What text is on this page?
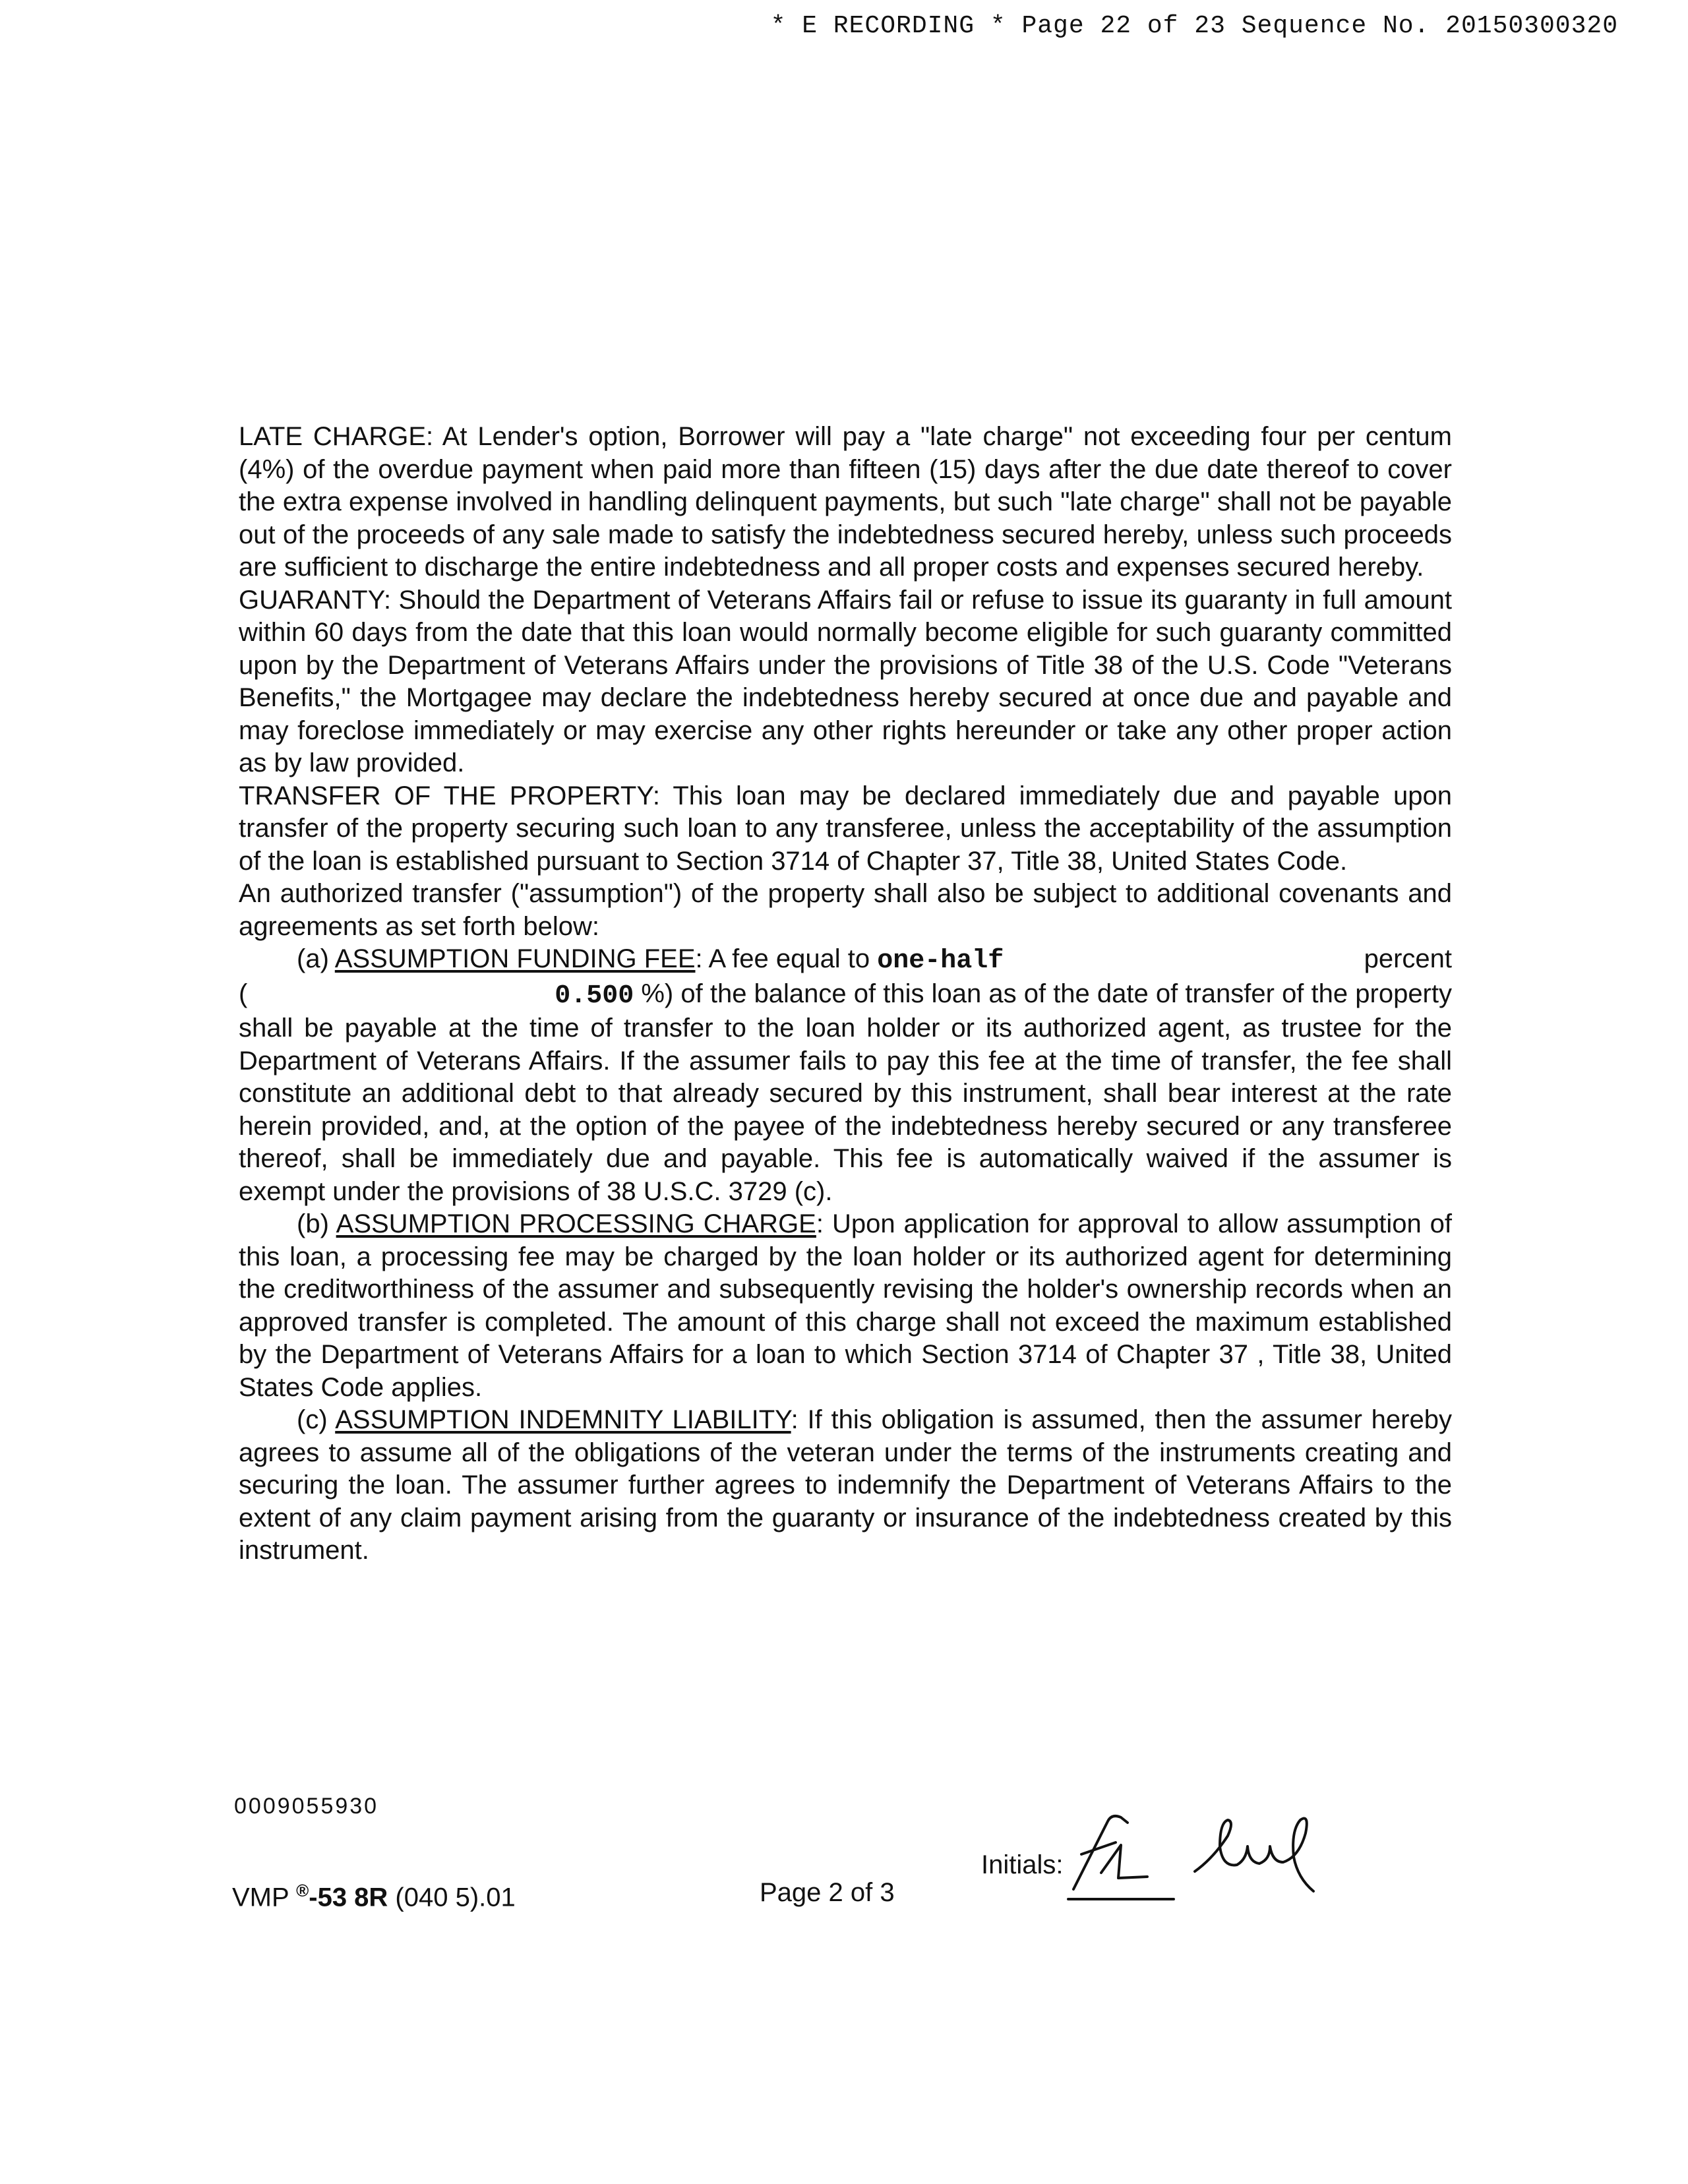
* E RECORDING * Page 22 of 23 Sequence No. 20150300320

LATE CHARGE: At Lender's option, Borrower will pay a "late charge" not exceeding four per centum (4%) of the overdue payment when paid more than fifteen (15) days after the due date thereof to cover the extra expense involved in handling delinquent payments, but such "late charge" shall not be payable out of the proceeds of any sale made to satisfy the indebtedness secured hereby, unless such proceeds are sufficient to discharge the entire indebtedness and all proper costs and expenses secured hereby.

GUARANTY: Should the Department of Veterans Affairs fail or refuse to issue its guaranty in full amount within 60 days from the date that this loan would normally become eligible for such guaranty committed upon by the Department of Veterans Affairs under the provisions of Title 38 of the U.S. Code "Veterans Benefits," the Mortgagee may declare the indebtedness hereby secured at once due and payable and may foreclose immediately or may exercise any other rights hereunder or take any other proper action as by law provided.

TRANSFER OF THE PROPERTY: This loan may be declared immediately due and payable upon transfer of the property securing such loan to any transferee, unless the acceptability of the assumption of the loan is established pursuant to Section 3714 of Chapter 37, Title 38, United States Code.

An authorized transfer ("assumption") of the property shall also be subject to additional covenants and agreements as set forth below:

(a) ASSUMPTION FUNDING FEE: A fee equal to one-half	percent
(	0.500 %) of the balance of this loan as of the date of transfer of the property

shall be payable at the time of transfer to the loan holder or its authorized agent, as trustee for the Department of Veterans Affairs. If the assumer fails to pay this fee at the time of transfer, the fee shall constitute an additional debt to that already secured by this instrument, shall bear interest at the rate herein provided, and, at the option of the payee of the indebtedness hereby secured or any transferee thereof, shall be immediately due and payable. This fee is automatically waived if the assumer is exempt under the provisions of 38 U.S.C. 3729 (c).

(b) ASSUMPTION PROCESSING CHARGE: Upon application for approval to allow assumption of this loan, a processing fee may be charged by the loan holder or its authorized agent for determining the creditworthiness of the assumer and subsequently revising the holder's ownership records when an approved transfer is completed. The amount of this charge shall not exceed the maximum established by the Department of Veterans Affairs for a loan to which Section 3714 of Chapter 37 , Title 38, United States Code applies.

(c) ASSUMPTION INDEMNITY LIABILITY: If this obligation is assumed, then the assumer hereby agrees to assume all of the obligations of the veteran under the terms of the instruments creating and securing the loan. The assumer further agrees to indemnify the Department of Veterans Affairs to the extent of any claim payment arising from the guaranty or insurance of the indebtedness created by this instrument.

0009055930
VMP ®-53 8R (040 5).01	Page 2 of 3
Initials:
